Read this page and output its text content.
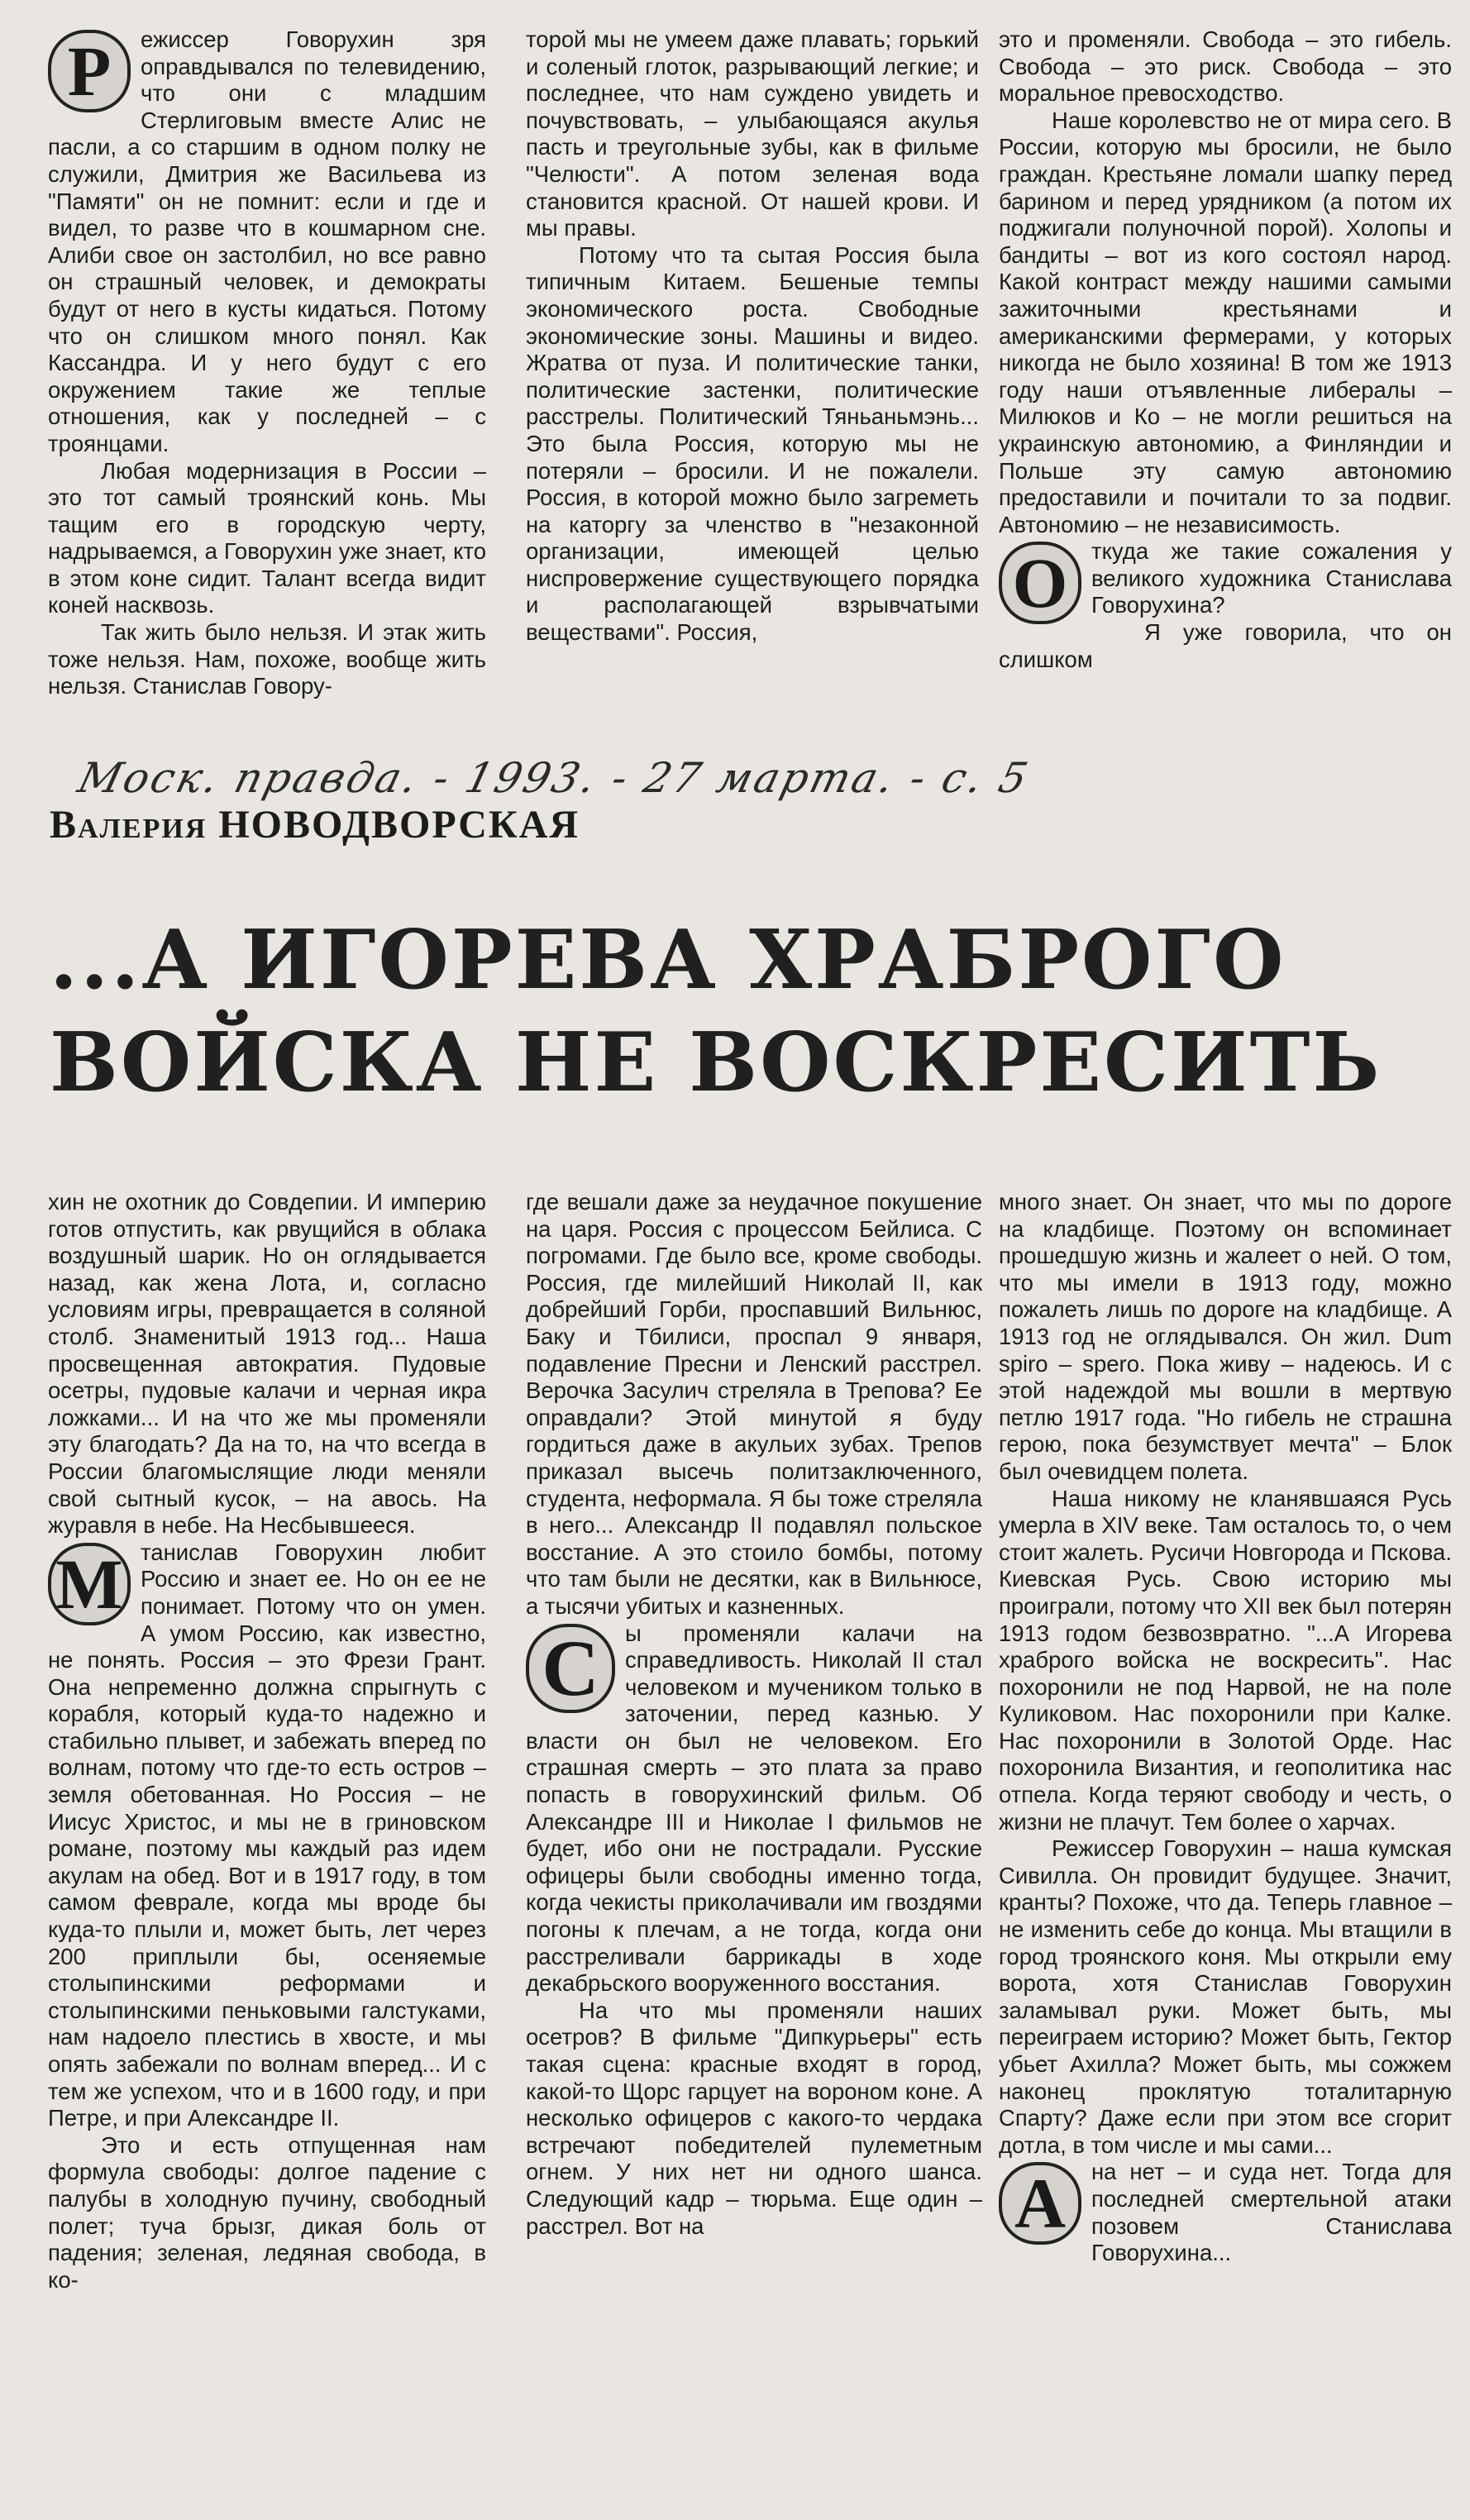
Р	ежиссер Говорухин зря оправдывался по телевидению, что они с младшим Стерлиговым вместе Алис не пасли, а со старшим в одном полку не служили, Дмитрия же Васильева из "Памяти" он не помнит: если и где и видел, то разве что в кошмарном сне. Алиби свое он застолбил, но все равно он страшный человек, и демократы будут от него в кусты кидаться. Потому что он слишком много понял. Как Кассандра. И у него будут с его окружением такие же теплые отношения, как у последней – с троянцами.

Любая модернизация в России – это тот самый троянский конь. Мы тащим его в городскую черту, надрываемся, а Говорухин уже знает, кто в этом коне сидит. Талант всегда видит коней насквозь.

Так жить было нельзя. И этак жить тоже нельзя. Нам, похоже, вообще жить нельзя. Станислав Говору-

торой мы не умеем даже плавать; горький и соленый глоток, разрывающий легкие; и последнее, что нам суждено увидеть и почувствовать, – улыбающаяся акулья пасть и треугольные зубы, как в фильме "Челюсти". А потом зеленая вода становится красной. От нашей крови. И мы правы.

Потому что та сытая Россия была типичным Китаем. Бешеные темпы экономического роста. Свободные экономические зоны. Машины и видео. Жратва от пуза. И политические танки, политические застенки, политические расстрелы. Политический Тяньаньмэнь... Это была Россия, которую мы не потеряли – бросили. И не пожалели. Россия, в которой можно было загреметь на каторгу за членство в "незаконной организации, имеющей целью ниспровержение существующего порядка и располагающей взрывчатыми веществами". Россия,

это и променяли. Свобода – это гибель. Свобода – это риск. Свобода – это моральное превосходство.

Наше королевство не от мира сего. В России, которую мы бросили, не было граждан. Крестьяне ломали шапку перед барином и перед урядником (а потом их поджигали полуночной порой). Холопы и бандиты – вот из кого состоял народ. Какой контраст между нашими самыми зажиточными крестьянами и американскими фермерами, у которых никогда не было хозяина! В том же 1913 году наши отъявленные либералы – Милюков и Ко – не могли решиться на украинскую автономию, а Финляндии и Польше эту самую автономию предоставили и почитали то за подвиг. Автономию – не независимость.

О	ткуда же такие сожаления у великого художника Станислава Говорухина?

Я уже говорила, что он слишком

Моск. правда. - 1993. - 27 марта. - с. 5
Валерия НОВОДВОРСКАЯ
...А ИГОРЕВА ХРАБРОГО
ВОЙСКА НЕ ВОСКРЕСИТЬ

хин не охотник до Совдепии. И империю готов отпустить, как рвущийся в облака воздушный шарик. Но он оглядывается назад, как жена Лота, и, согласно условиям игры, превращается в соляной столб. Знаменитый 1913 год... Наша просвещенная автократия. Пудовые осетры, пудовые калачи и черная икра ложками... И на что же мы променяли эту благодать? Да на то, на что всегда в России благомыслящие люди меняли свой сытный кусок, – на авось. На журавля в небе. На Несбывшееся.

М танислав Говорухин любит Россию и знает ее. Но он ее не понимает. Потому что он умен. А умом Россию, как известно, не понять. Россия – это Фрези Грант. Она непременно должна спрыгнуть с корабля, который куда-то надежно и стабильно плывет, и забежать вперед по волнам, потому что где-то есть остров – земля обетованная. Но Россия – не Иисус Христос, и мы не в гриновском романе, поэтому мы каждый раз идем акулам на обед. Вот и в 1917 году, в том самом феврале, когда мы вроде бы куда-то плыли и, может быть, лет через 200 приплыли бы, осеняемые столыпинскими реформами и столыпинскими пеньковыми галстуками, нам надоело плестись в хвосте, и мы опять забежали по волнам вперед... И с тем же успехом, что и в 1600 году, и при Петре, и при Александре II.

Это и есть отпущенная нам формула свободы: долгое падение с палубы в холодную пучину, свободный полет; туча брызг, дикая боль от падения; зеленая, ледяная свобода, в ко-

где вешали даже за неудачное покушение на царя. Россия с процессом Бейлиса. С погромами. Где было все, кроме свободы. Россия, где милейший Николай II, как добрейший Горби, проспавший Вильнюс, Баку и Тбилиси, проспал 9 января, подавление Пресни и Ленский расстрел. Верочка Засулич стреляла в Трепова? Ее оправдали? Этой минутой я буду гордиться даже в акульих зубах. Трепов приказал высечь политзаключенного, студента, неформала. Я бы тоже стреляла в него... Александр II подавлял польское восстание. А это стоило бомбы, потому что там были не десятки, как в Вильнюсе, а тысячи убитых и казненных.

С	ы променяли калачи на справедливость. Николай II стал человеком и мучеником только в заточении, перед казнью. У власти он был не человеком. Его страшная смерть – это плата за право попасть в говорухинский фильм. Об Александре III и Николае I фильмов не будет, ибо они не пострадали. Русские офицеры были свободны именно тогда, когда чекисты приколачивали им гвоздями погоны к плечам, а не тогда, когда они расстреливали баррикады в ходе декабрьского вооруженного восстания.

На что мы променяли наших осетров? В фильме "Дипкурьеры" есть такая сцена: красные входят в город, какой-то Щорс гарцует на вороном коне. А несколько офицеров с какого-то чердака встречают победителей пулеметным огнем. У них нет ни одного шанса. Следующий кадр – тюрьма. Еще один – расстрел. Вот на

много знает. Он знает, что мы по дороге на кладбище. Поэтому он вспоминает прошедшую жизнь и жалеет о ней. О том, что мы имели в 1913 году, можно пожалеть лишь по дороге на кладбище. А 1913 год не оглядывался. Он жил. Dum spiro – spero. Пока живу – надеюсь. И с этой надеждой мы вошли в мертвую петлю 1917 года. "Но гибель не страшна герою, пока безумствует мечта" – Блок был очевидцем полета.

Наша никому не кланявшаяся Русь умерла в XIV веке. Там осталось то, о чем стоит жалеть. Русичи Новгорода и Пскова. Киевская Русь. Свою историю мы проиграли, потому что XII век был потерян 1913 годом безвозвратно. "...А Игорева храброго войска не воскресить". Нас похоронили не под Нарвой, не на поле Куликовом. Нас похоронили при Калке. Нас похоронили в Золотой Орде. Нас похоронила Византия, и геополитика нас отпела. Когда теряют свободу и честь, о жизни не плачут. Тем более о харчах.

Режиссер Говорухин – наша кумская Сивилла. Он провидит будущее. Значит, кранты? Похоже, что да. Теперь главное – не изменить себе до конца. Мы втащили в город троянского коня. Мы открыли ему ворота, хотя Станислав Говорухин заламывал руки. Может быть, мы переиграем историю? Может быть, Гектор убьет Ахилла? Может быть, мы сожжем наконец проклятую тоталитарную Спарту? Даже если при этом все сгорит дотла, в том числе и мы сами...

А	на нет – и суда нет. Тогда для последней смертельной атаки позовем Станислава Говорухина...
